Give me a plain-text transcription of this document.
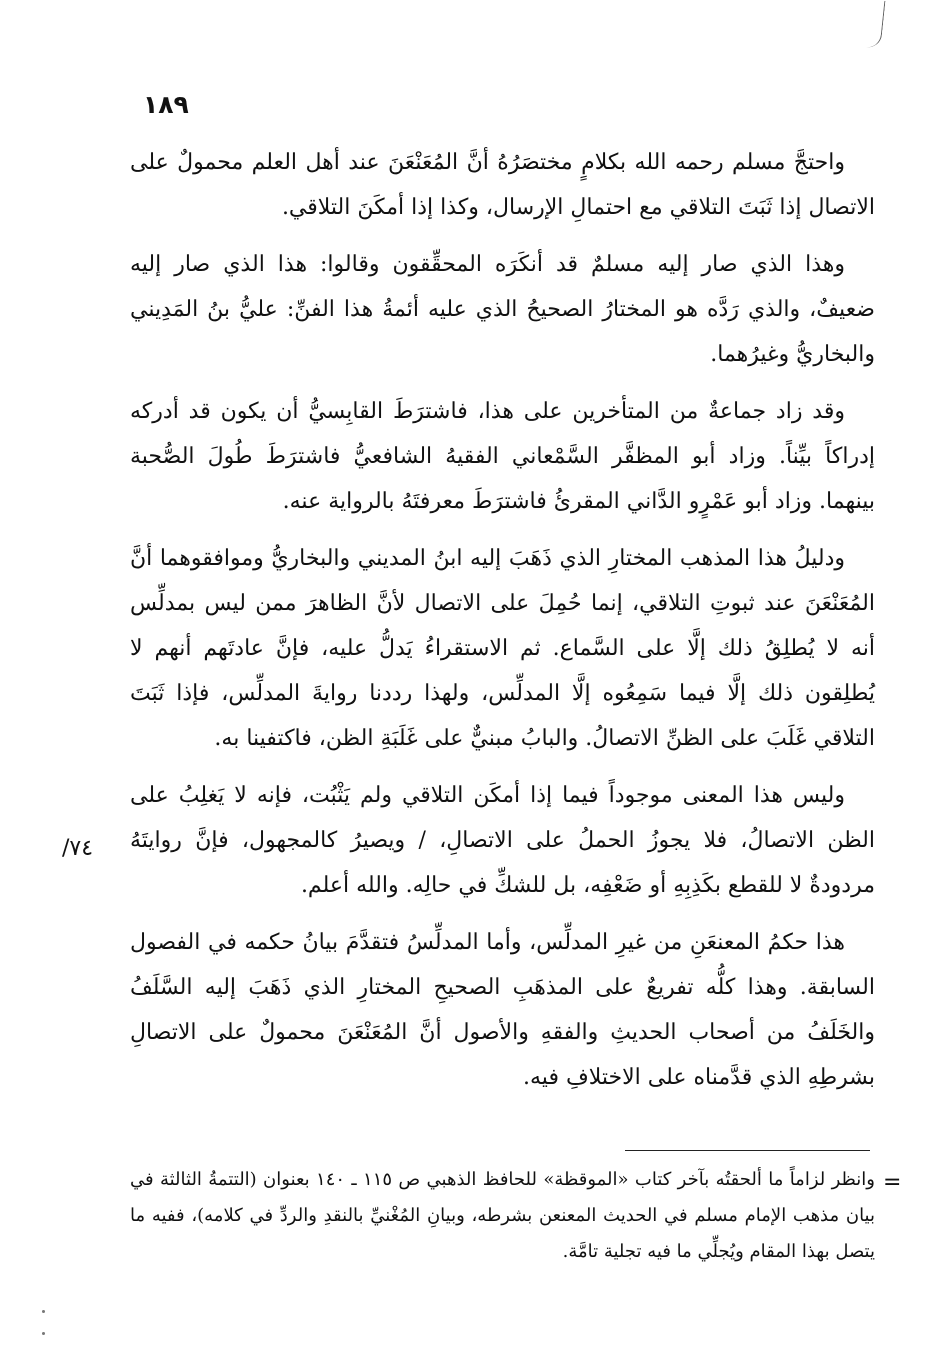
١٨٩

واحتجَّ مسلم رحمه الله بكلامٍ مختصَرُهُ أنَّ المُعَنْعَنَ عند أهل العلم محمولٌ على الاتصال إذا ثَبَتَ التلاقي مع احتمالِ الإرسال، وكذا إذا أمكَنَ التلاقي.

وهذا الذي صار إليه مسلمٌ قد أنكَرَه المحقِّقون وقالوا: هذا الذي صار إليه ضعيفٌ، والذي رَدَّه هو المختارُ الصحيحُ الذي عليه أئمةُ هذا الفنِّ: عليُّ بنُ المَدِيني والبخاريُّ وغيرُهما.

وقد زاد جماعةٌ من المتأخرين على هذا، فاشترَطَ القابِسيُّ أن يكون قد أدركه إدراكاً بيِّناً. وزاد أبو المظفَّر السَّمْعاني الفقيهُ الشافعيُّ فاشترَطَ طُولَ الصُّحبة بينهما. وزاد أبو عَمْرٍو الدَّاني المقرئُ فاشترَطَ معرفتَهُ بالرواية عنه.

ودليلُ هذا المذهب المختارِ الذي ذَهَبَ إليه ابنُ المديني والبخاريُّ وموافقوهما أنَّ المُعَنْعَنَ عند ثبوتِ التلاقي، إنما حُمِلَ على الاتصال لأنَّ الظاهرَ ممن ليس بمدلِّس أنه لا يُطلِقُ ذلك إلَّا على السَّماع. ثم الاستقراءُ يَدلُّ عليه، فإنَّ عادتَهم أنهم لا يُطلِقون ذلك إلَّا فيما سَمِعُوه إلَّا المدلِّس، ولهذا رددنا روايةَ المدلِّس، فإذا ثَبَتَ التلاقي غَلَبَ على الظنِّ الاتصالُ. والبابُ مبنيٌّ على غَلَبَةِ الظن، فاكتفينا به.

وليس هذا المعنى موجوداً فيما إذا أمكَن التلاقي ولم يَثْبُت، فإنه لا يَغلِبُ على الظن الاتصالُ، فلا يجوزُ الحملُ على الاتصالِ، / ويصيرُ كالمجهول، فإنَّ روايتَهُ مردودةٌ لا للقطع بكَذِبِهِ أو ضَعْفِه، بل للشكِّ في حالِه. والله أعلم.

هذا حكمُ المعنعَنِ من غيرِ المدلِّس، وأما المدلِّسُ فتقدَّمَ بيانُ حكمه في الفصول السابقة. وهذا كلُّه تفريعٌ على المذهَبِ الصحيحِ المختارِ الذي ذَهَبَ إليه السَّلَفُ والخَلَفُ من أصحاب الحديثِ والفقهِ والأصول أنَّ المُعَنْعَنَ محمولٌ على الاتصالِ بشرطِهِ الذي قدَّمناه على الاختلافِ فيه.

٧٤/
=
وانظر لزاماً ما ألحقتُه بآخر كتاب «الموقظة» للحافظ الذهبي ص ١١٥ ـ ١٤٠ بعنوان (التتمةُ الثالثة في بيان مذهب الإمام مسلم في الحديث المعنعن بشرطه، وبيانِ المُغْنيِّ بالنقدِ والردِّ في كلامه)، ففيه ما يتصل بهذا المقام ويُجلِّي ما فيه تجلية تامَّة.
